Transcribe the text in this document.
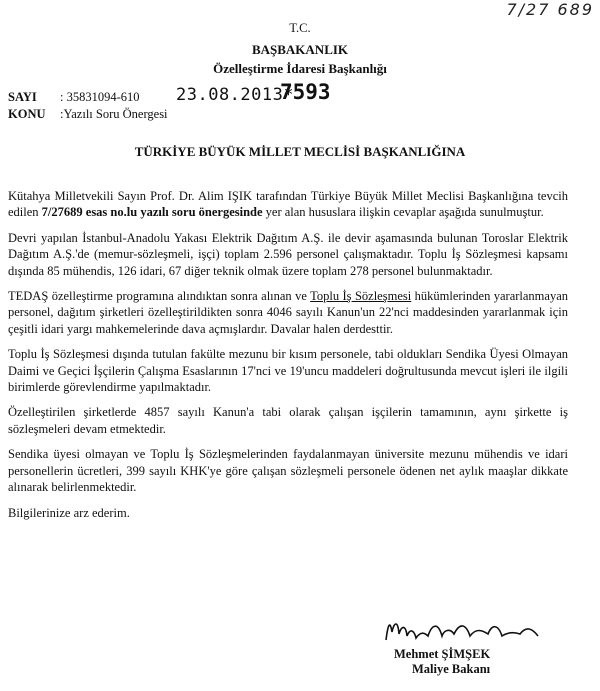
7/27 689
T.C.
BAŞBAKANLIK
Özelleştirme İdaresi Başkanlığı
SAYI : 35831094-610 23.08.2013*
7593
KONU :Yazılı Soru Önergesi
TÜRKİYE BÜYÜK MİLLET MECLİSİ BAŞKANLIĞINA

Kütahya Milletvekili Sayın Prof. Dr. Alim IŞIK tarafından Türkiye Büyük Millet Meclisi Başkanlığına tevcih edilen 7/27689 esas no.lu yazılı soru önergesinde yer alan hususlara ilişkin cevaplar aşağıda sunulmuştur.

Devri yapılan İstanbul-Anadolu Yakası Elektrik Dağıtım A.Ş. ile devir aşamasında bulunan Toroslar Elektrik Dağıtım A.Ş.'de (memur-sözleşmeli, işçi) toplam 2.596 personel çalışmaktadır. Toplu İş Sözleşmesi kapsamı dışında 85 mühendis, 126 idari, 67 diğer teknik olmak üzere toplam 278 personel bulunmaktadır.

TEDAŞ özelleştirme programına alındıktan sonra alınan ve Toplu İş Sözleşmesi hükümlerinden yararlanmayan personel, dağıtım şirketleri özelleştirildikten sonra 4046 sayılı Kanun'un 22'nci maddesinden yararlanmak için çeşitli idari yargı mahkemelerinde dava açmışlardır. Davalar halen derdesttir.

Toplu İş Sözleşmesi dışında tutulan fakülte mezunu bir kısım personele, tabi oldukları Sendika Üyesi Olmayan Daimi ve Geçici İşçilerin Çalışma Esaslarının 17'nci ve 19'uncu maddeleri doğrultusunda mevcut işleri ile ilgili birimlerde görevlendirme yapılmaktadır.

Özelleştirilen şirketlerde 4857 sayılı Kanun'a tabi olarak çalışan işçilerin tamamının, aynı şirkette iş sözleşmeleri devam etmektedir.

Sendika üyesi olmayan ve Toplu İş Sözleşmelerinden faydalanmayan üniversite mezunu mühendis ve idari personellerin ücretleri, 399 sayılı KHK'ye göre çalışan sözleşmeli personele ödenen net aylık maaşlar dikkate alınarak belirlenmektedir.

Bilgilerinize arz ederim.

Mehmet ŞİMŞEK
Maliye Bakanı
